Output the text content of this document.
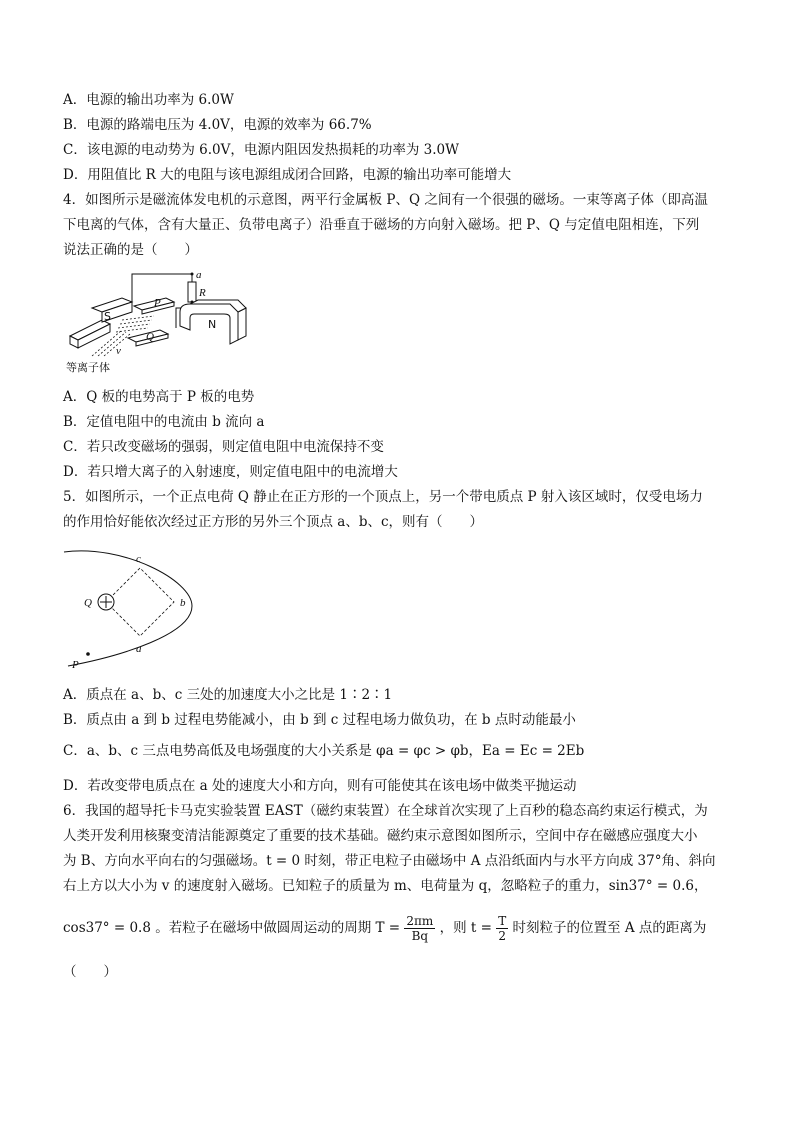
A．电源的输出功率为 6.0W
B．电源的路端电压为 4.0V，电源的效率为 66.7%
C．该电源的电动势为 6.0V，电源内阻因发热损耗的功率为 3.0W
D．用阻值比 R 大的电阻与该电源组成闭合回路，电源的输出功率可能增大
4．如图所示是磁流体发电机的示意图，两平行金属板 P、Q 之间有一个很强的磁场。一束等离子体（即高温
下电离的气体，含有大量正、负带电离子）沿垂直于磁场的方向射入磁场。把 P、Q 与定值电阻相连，下列
说法正确的是（　　）
a
R
S
P
Q
v
N
等离子体
A．Q 板的电势高于 P 板的电势
B．定值电阻中的电流由 b 流向 a
C．若只改变磁场的强弱，则定值电阻中电流保持不变
D．若只增大离子的入射速度，则定值电阻中的电流增大
5．如图所示，一个正点电荷 Q 静止在正方形的一个顶点上，另一个带电质点 P 射入该区域时，仅受电场力
的作用恰好能依次经过正方形的另外三个顶点 a、b、c，则有（　　）
Q
c
b
a
P
A．质点在 a、b、c 三处的加速度大小之比是 1∶2∶1
B．质点由 a 到 b 过程电势能减小，由 b 到 c 过程电场力做负功，在 b 点时动能最小
C．a、b、c 三点电势高低及电场强度的大小关系是 φa = φc > φb，Ea = Ec = 2Eb
D．若改变带电质点在 a 处的速度大小和方向，则有可能使其在该电场中做类平抛运动
6．我国的超导托卡马克实验装置 EAST（磁约束装置）在全球首次实现了上百秒的稳态高约束运行模式，为
人类开发利用核聚变清洁能源奠定了重要的技术基础。磁约束示意图如图所示，空间中存在磁感应强度大小
为 B、方向水平向右的匀强磁场。t = 0 时刻，带正电粒子由磁场中 A 点沿纸面内与水平方向成 37°角、斜向
右上方以大小为 v 的速度射入磁场。已知粒子的质量为 m、电荷量为 q，忽略粒子的重力，sin37° = 0.6，
cos37° = 0.8 。若粒子在磁场中做圆周运动的周期 $T = \frac{2\pi m}{Bq}$ ，则 $t = \frac{T}{2}$ 时刻粒子的位置至 A 点的距离为
（　　）
